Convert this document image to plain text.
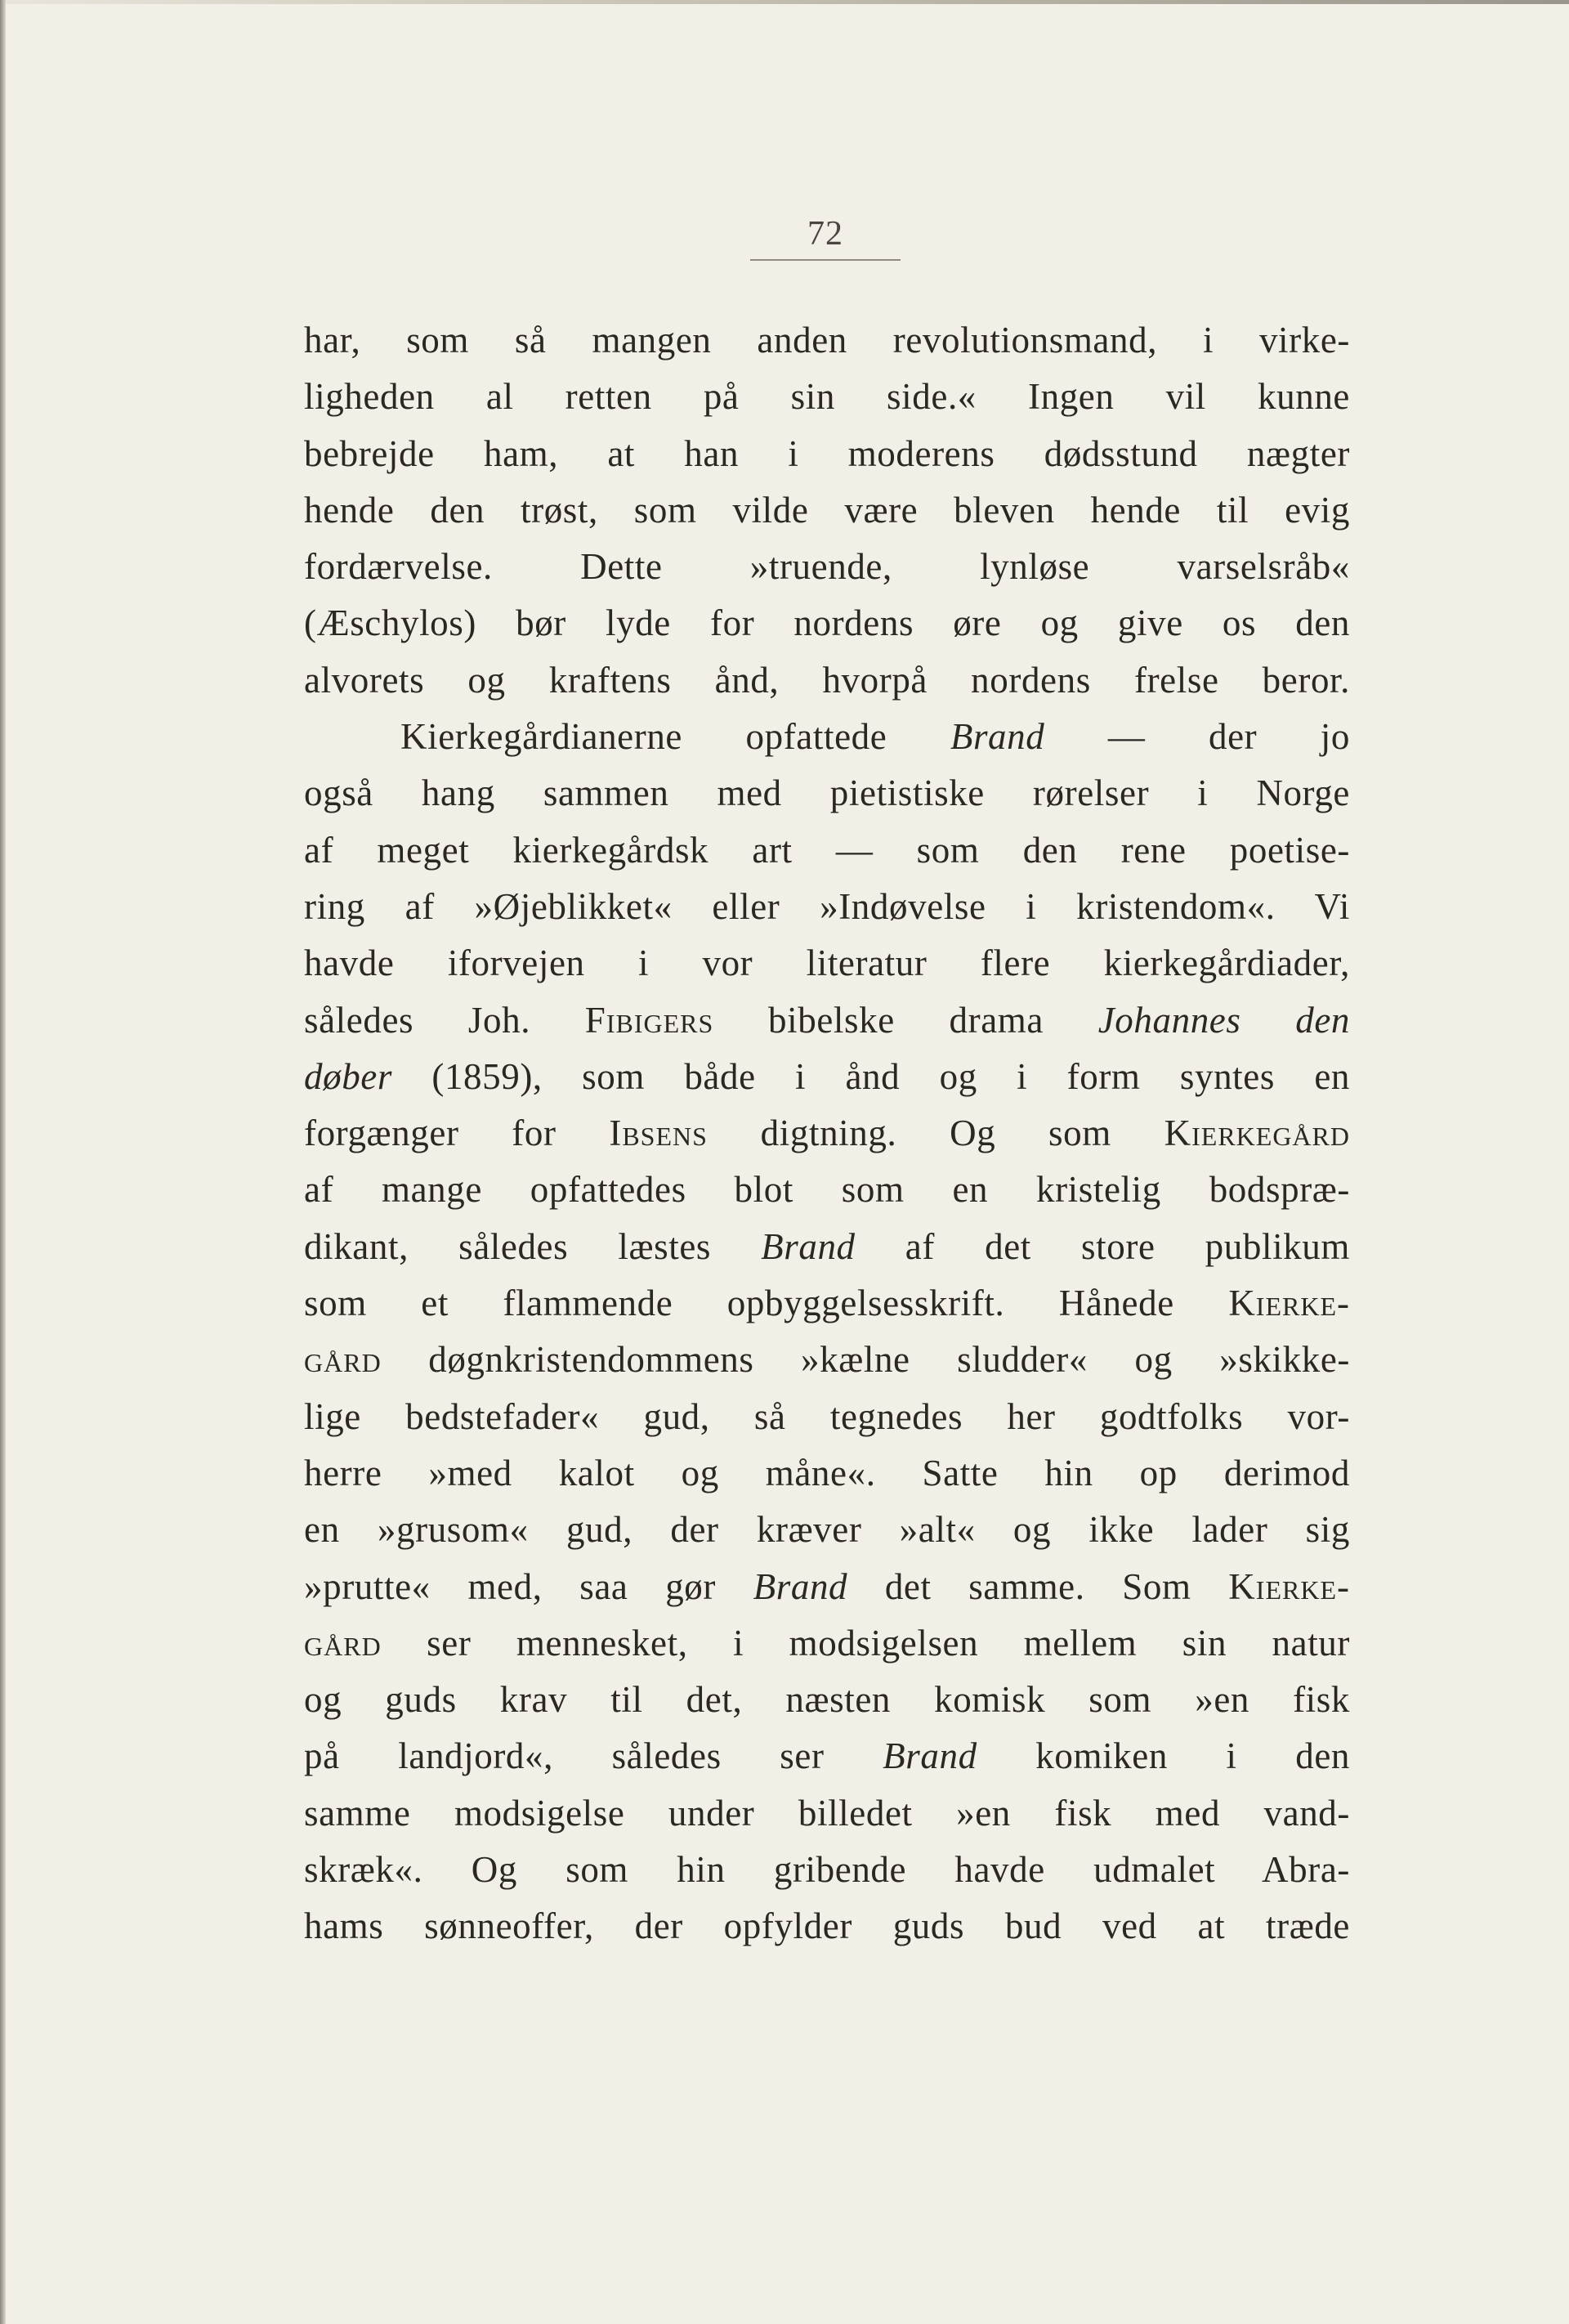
72
har, som så mangen anden revolutionsmand, i virke-
ligheden al retten på sin side.« Ingen vil kunne
bebrejde ham, at han i moderens dødsstund nægter
hende den trøst, som vilde være bleven hende til evig
fordærvelse. Dette »truende, lynløse varselsråb«
(Æschylos) bør lyde for nordens øre og give os den
alvorets og kraftens ånd, hvorpå nordens frelse beror.
Kierkegårdianerne opfattede Brand — der jo
også hang sammen med pietistiske rørelser i Norge
af meget kierkegårdsk art — som den rene poetise-
ring af »Øjeblikket« eller »Indøvelse i kristendom«. Vi
havde iforvejen i vor literatur flere kierkegårdiader,
således Joh. Fibigers bibelske drama Johannes den
døber (1859), som både i ånd og i form syntes en
forgænger for Ibsens digtning. Og som Kierkegård
af mange opfattedes blot som en kristelig bodspræ-
dikant, således læstes Brand af det store publikum
som et flammende opbyggelsesskrift. Hånede Kierke-
gård døgnkristendommens »kælne sludder« og »skikke-
lige bedstefader« gud, så tegnedes her godtfolks vor-
herre »med kalot og måne«. Satte hin op derimod
en »grusom« gud, der kræver »alt« og ikke lader sig
»prutte« med, saa gør Brand det samme. Som Kierke-
gård ser mennesket, i modsigelsen mellem sin natur
og guds krav til det, næsten komisk som »en fisk
på landjord«, således ser Brand komiken i den
samme modsigelse under billedet »en fisk med vand-
skræk«. Og som hin gribende havde udmalet Abra-
hams sønneoffer, der opfylder guds bud ved at træde
